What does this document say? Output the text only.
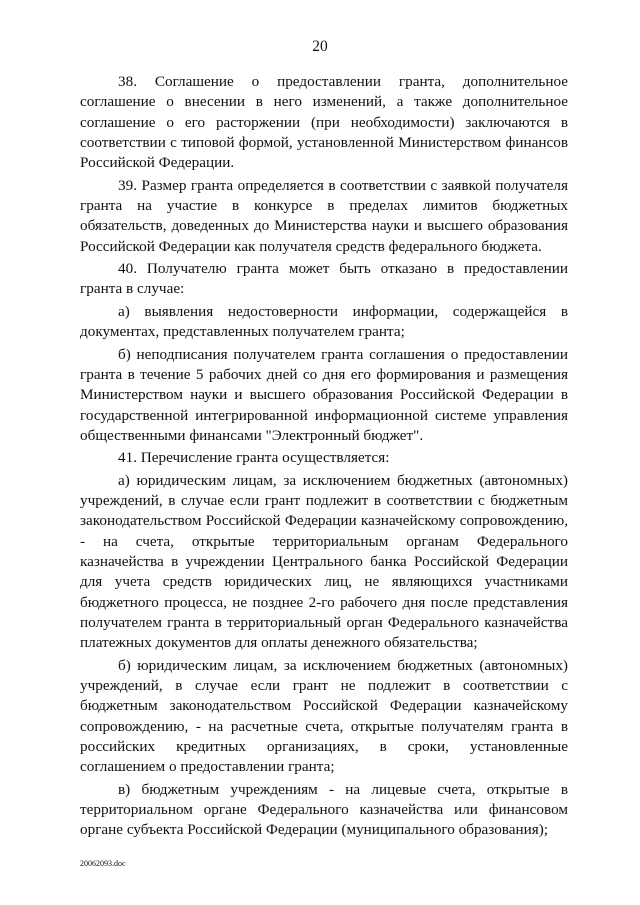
20

38. Соглашение о предоставлении гранта, дополнительное соглашение о внесении в него изменений, а также дополнительное соглашение о его расторжении (при необходимости) заключаются в соответствии с типовой формой, установленной Министерством финансов Российской Федерации.

39. Размер гранта определяется в соответствии с заявкой получателя гранта на участие в конкурсе в пределах лимитов бюджетных обязательств, доведенных до Министерства науки и высшего образования Российской Федерации как получателя средств федерального бюджета.

40. Получателю гранта может быть отказано в предоставлении гранта в случае:

а) выявления недостоверности информации, содержащейся в документах, представленных получателем гранта;

б) неподписания получателем гранта соглашения о предоставлении гранта в течение 5 рабочих дней со дня его формирования и размещения Министерством науки и высшего образования Российской Федерации в государственной интегрированной информационной системе управления общественными финансами "Электронный бюджет".

41. Перечисление гранта осуществляется:

а) юридическим лицам, за исключением бюджетных (автономных) учреждений, в случае если грант подлежит в соответствии с бюджетным законодательством Российской Федерации казначейскому сопровождению, - на счета, открытые территориальным органам Федерального казначейства в учреждении Центрального банка Российской Федерации для учета средств юридических лиц, не являющихся участниками бюджетного процесса, не позднее 2-го рабочего дня после представления получателем гранта в территориальный орган Федерального казначейства платежных документов для оплаты денежного обязательства;

б) юридическим лицам, за исключением бюджетных (автономных) учреждений, в случае если грант не подлежит в соответствии с бюджетным законодательством Российской Федерации казначейскому сопровождению, - на расчетные счета, открытые получателям гранта в российских кредитных организациях, в сроки, установленные соглашением о предоставлении гранта;

в) бюджетным учреждениям - на лицевые счета, открытые в территориальном органе Федерального казначейства или финансовом органе субъекта Российской Федерации (муниципального образования);

20062093.doc
